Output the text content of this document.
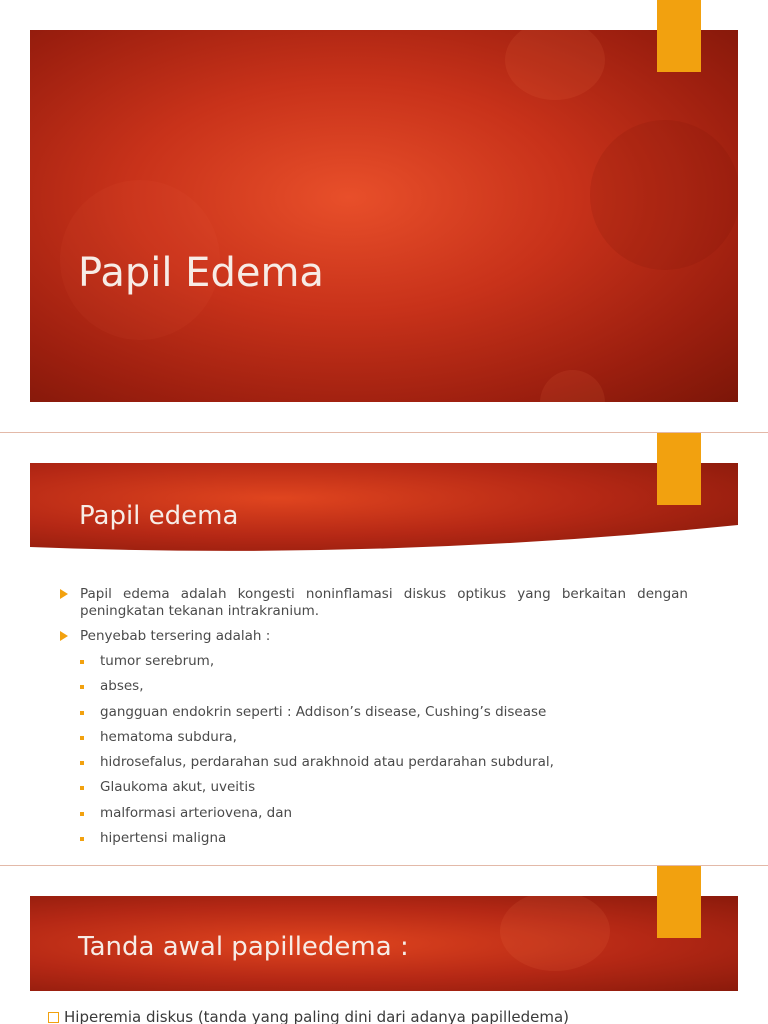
Papil Edema
Papil edema
Papil edema adalah kongesti noninflamasi diskus optikus yang berkaitan dengan peningkatan tekanan intrakranium.
Penyebab tersering adalah :
tumor serebrum,
abses,
gangguan endokrin seperti : Addison’s disease, Cushing’s disease
hematoma subdura,
hidrosefalus, perdarahan sud arakhnoid atau perdarahan subdural,
Glaukoma akut, uveitis
malformasi arteriovena, dan
hipertensi maligna
Tanda awal papilledema :
Hiperemia diskus (tanda yang paling dini dari adanya papilledema)
